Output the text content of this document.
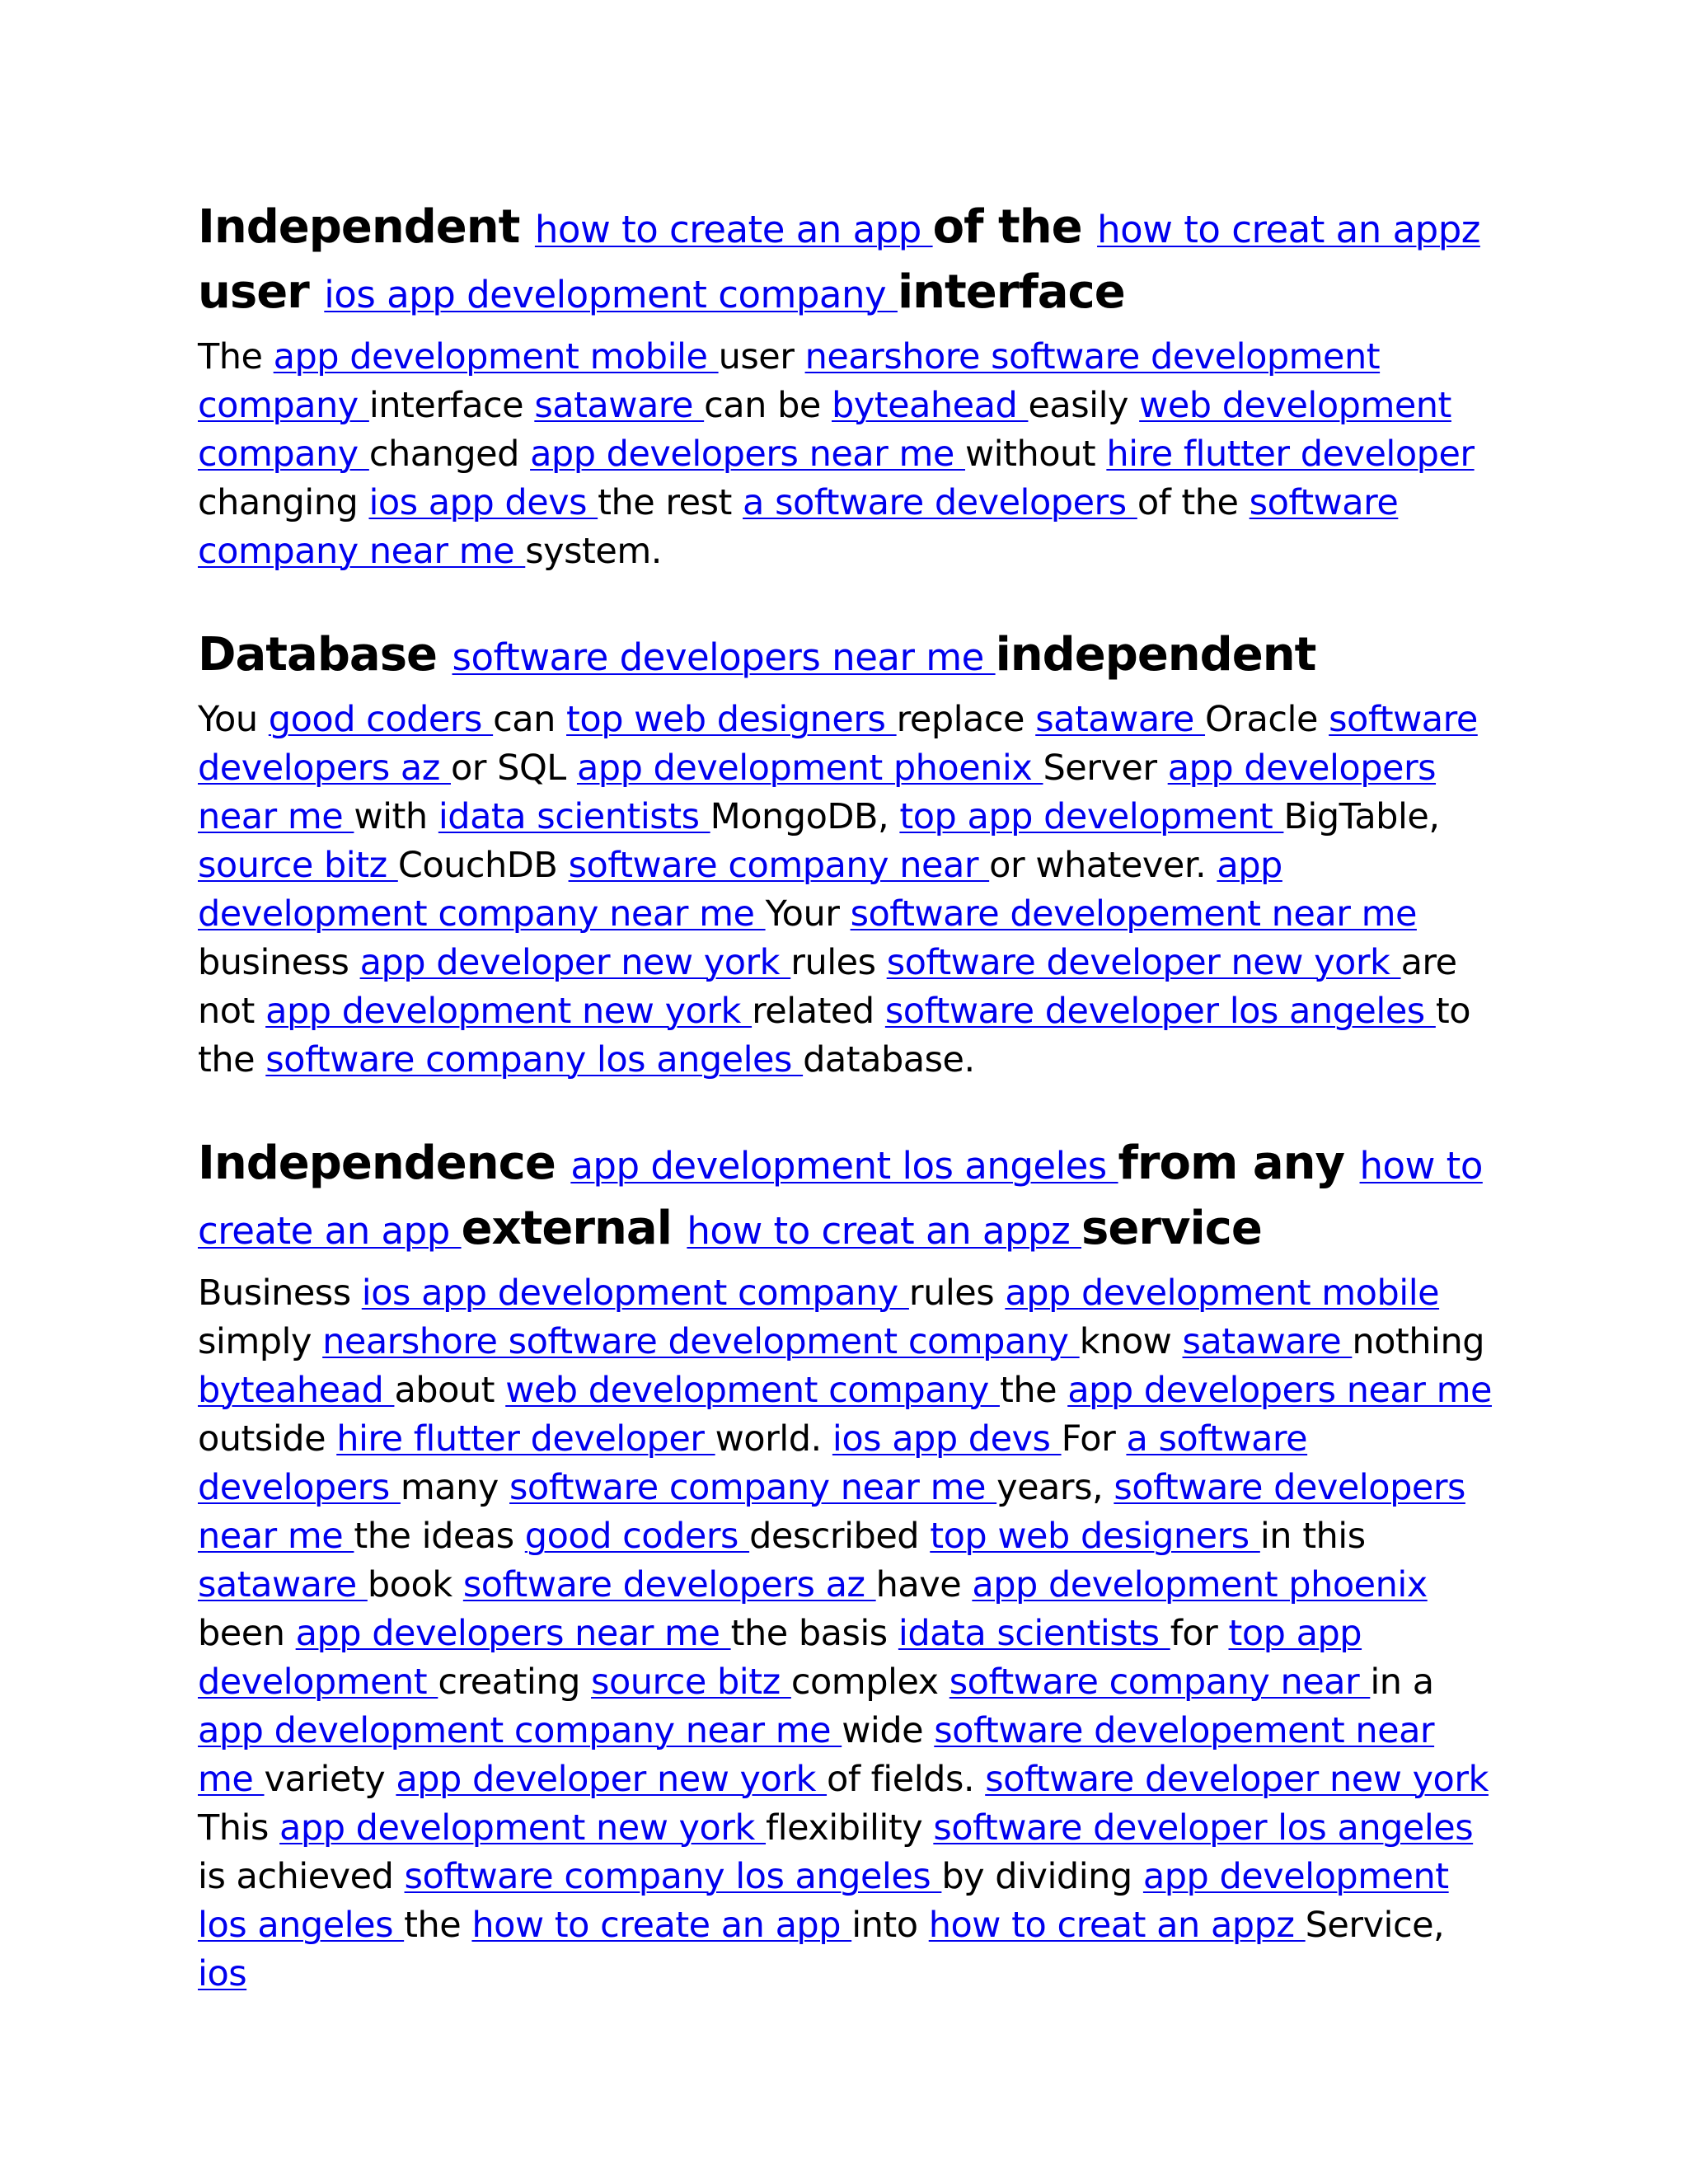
Independent how to create an app of the how to creat an appz user ios app development company interface
The app development mobile user nearshore software development company interface sataware can be byteahead easily web development company changed app developers near me without hire flutter developer changing ios app devs the rest a software developers of the software company near me system.
Database software developers near me independent
You good coders can top web designers replace sataware Oracle software developers az or SQL app development phoenix Server app developers near me with idata scientists MongoDB, top app development BigTable, source bitz CouchDB software company near or whatever. app development company near me Your software developement near me business app developer new york rules software developer new york are not app development new york related software developer los angeles to the software company los angeles database.
Independence app development los angeles from any how to create an app external how to creat an appz service
Business ios app development company rules app development mobile simply nearshore software development company know sataware nothing byteahead about web development company the app developers near me outside hire flutter developer world. ios app devs For a software developers many software company near me years, software developers near me the ideas good coders described top web designers in this sataware book software developers az have app development phoenix been app developers near me the basis idata scientists for top app development creating source bitz complex software company near in a app development company near me wide software developement near me variety app developer new york of fields. software developer new york This app development new york flexibility software developer los angeles is achieved software company los angeles by dividing app development los angeles the how to create an app into how to creat an appz Service, ios
